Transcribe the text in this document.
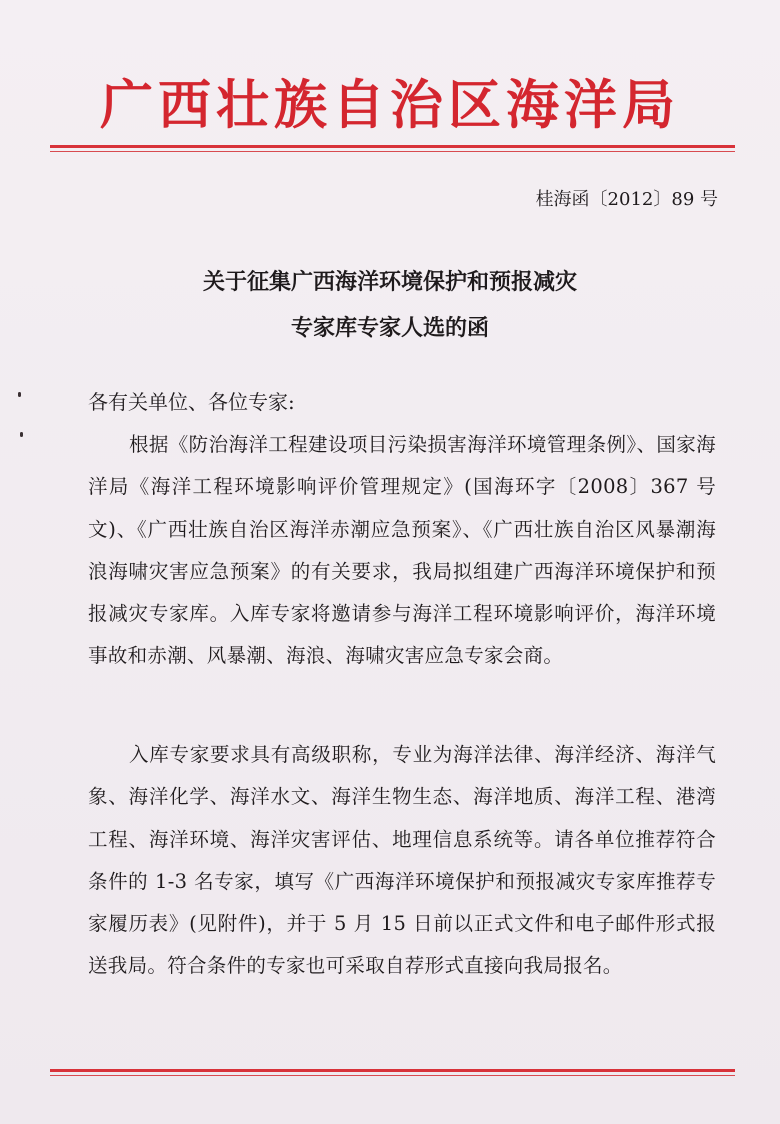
广西壮族自治区海洋局
桂海函〔2012〕89 号
关于征集广西海洋环境保护和预报减灾
专家库专家人选的函
各有关单位、各位专家:
根据《防治海洋工程建设项目污染损害海洋环境管理条例》、国家海洋局《海洋工程环境影响评价管理规定》(国海环字〔2008〕367 号文)、《广西壮族自治区海洋赤潮应急预案》、《广西壮族自治区风暴潮海浪海啸灾害应急预案》的有关要求，我局拟组建广西海洋环境保护和预报减灾专家库。入库专家将邀请参与海洋工程环境影响评价，海洋环境事故和赤潮、风暴潮、海浪、海啸灾害应急专家会商。
入库专家要求具有高级职称，专业为海洋法律、海洋经济、海洋气象、海洋化学、海洋水文、海洋生物生态、海洋地质、海洋工程、港湾工程、海洋环境、海洋灾害评估、地理信息系统等。请各单位推荐符合条件的 1-3 名专家，填写《广西海洋环境保护和预报减灾专家库推荐专家履历表》(见附件)，并于 5 月 15 日前以正式文件和电子邮件形式报送我局。符合条件的专家也可采取自荐形式直接向我局报名。
